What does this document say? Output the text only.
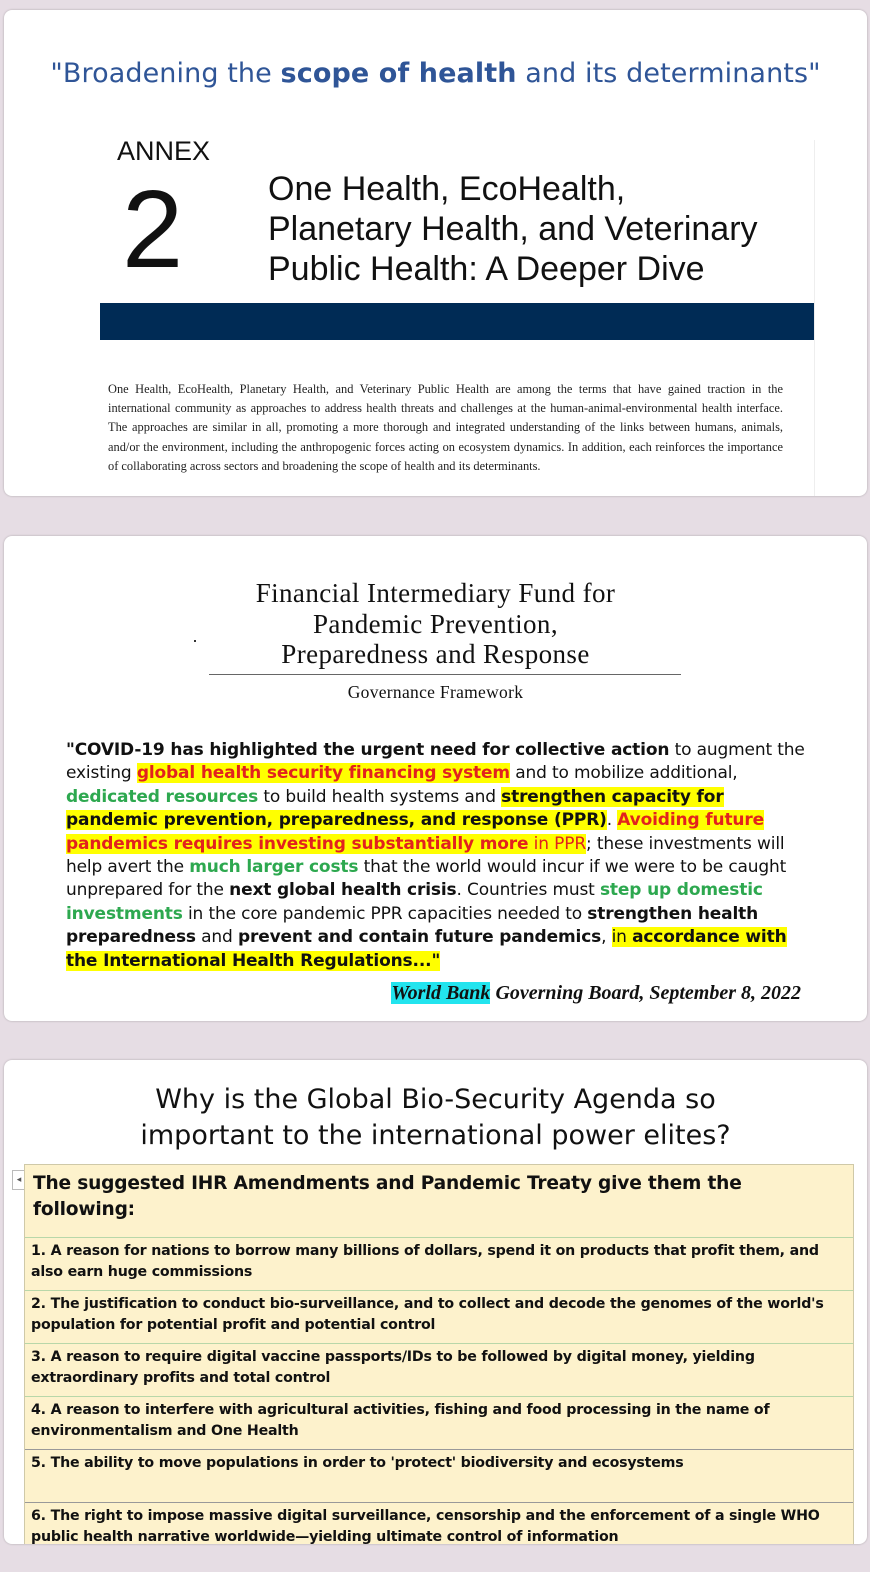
"Broadening the scope of health and its determinants"
ANNEX
2 One Health, EcoHealth,
Planetary Health, and Veterinary
Public Health: A Deeper Dive
One Health, EcoHealth, Planetary Health, and Veterinary Public Health are among the terms that have gained traction in the international community as approaches to address health threats and challenges at the human-animal-environmental health interface. The approaches are similar in all, promoting a more thorough and integrated understanding of the links between humans, animals, and/or the environment, including the anthropogenic forces acting on ecosystem dynamics. In addition, each reinforces the importance of collaborating across sectors and broadening the scope of health and its determinants.
Financial Intermediary Fund for
Pandemic Prevention,
Preparedness and Response
Governance Framework
"COVID-19 has highlighted the urgent need for collective action to augment the existing global health security financing system and to mobilize additional, dedicated resources to build health systems and strengthen capacity for pandemic prevention, preparedness, and response (PPR). Avoiding future pandemics requires investing substantially more in PPR; these investments will help avert the much larger costs that the world would incur if we were to be caught unprepared for the next global health crisis. Countries must step up domestic investments in the core pandemic PPR capacities needed to strengthen health preparedness and prevent and contain future pandemics, in accordance with the International Health Regulations..."
World Bank Governing Board, September 8, 2022
Why is the Global Bio-Security Agenda so
important to the international power elites?
◂ The suggested IHR Amendments and Pandemic Treaty give them the following:
1. A reason for nations to borrow many billions of dollars, spend it on products that profit them, and also earn huge commissions
2. The justification to conduct bio-surveillance, and to collect and decode the genomes of the world's population for potential profit and potential control
3. A reason to require digital vaccine passports/IDs to be followed by digital money, yielding extraordinary profits and total control
4. A reason to interfere with agricultural activities, fishing and food processing in the name of environmentalism and One Health
5. The ability to move populations in order to 'protect' biodiversity and ecosystems
6. The right to impose massive digital surveillance, censorship and the enforcement of a single WHO public health narrative worldwide—yielding ultimate control of information
